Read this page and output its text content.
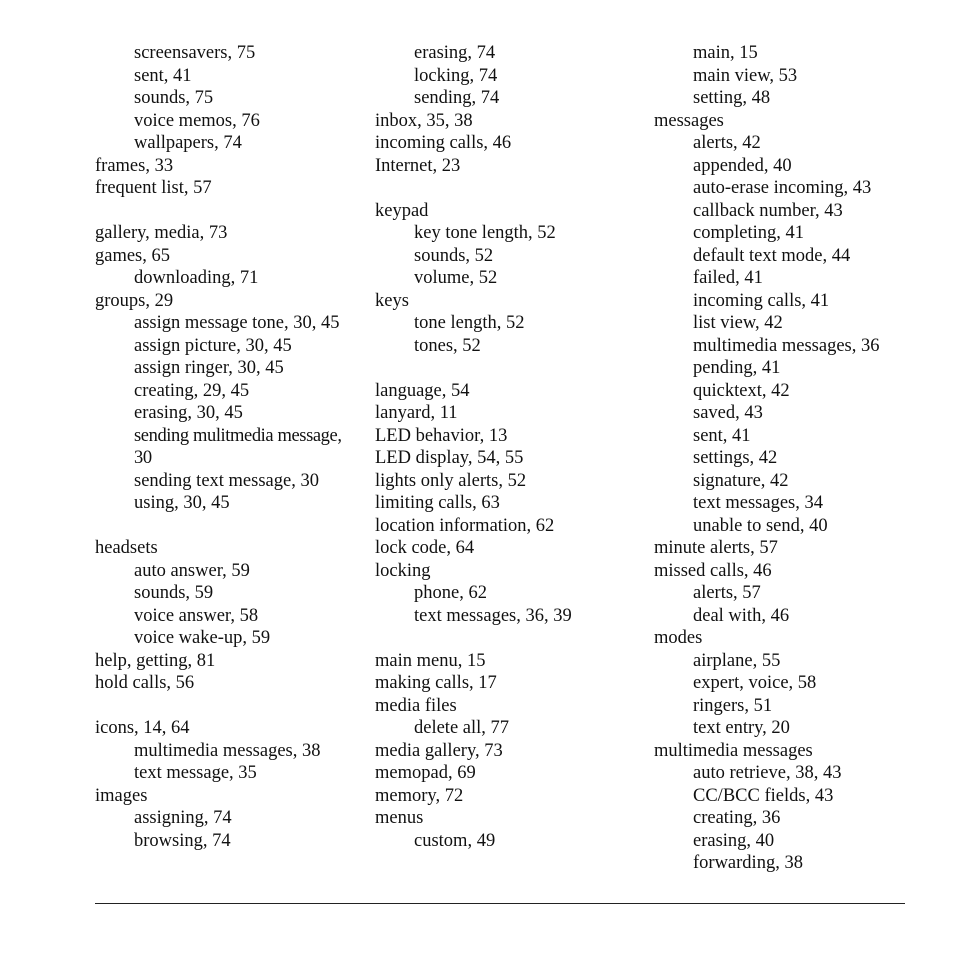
screensavers, 75
sent, 41
sounds, 75
voice memos, 76
wallpapers, 74
frames, 33
frequent list, 57
gallery, media, 73
games, 65
downloading, 71
groups, 29
assign message tone, 30, 45
assign picture, 30, 45
assign ringer, 30, 45
creating, 29, 45
erasing, 30, 45
sending mulitmedia message, 30
sending text message, 30
using, 30, 45
headsets
auto answer, 59
sounds, 59
voice answer, 58
voice wake-up, 59
help, getting, 81
hold calls, 56
icons, 14, 64
multimedia messages, 38
text message, 35
images
assigning, 74
browsing, 74
erasing, 74
locking, 74
sending, 74
inbox, 35, 38
incoming calls, 46
Internet, 23
keypad
key tone length, 52
sounds, 52
volume, 52
keys
tone length, 52
tones, 52
language, 54
lanyard, 11
LED behavior, 13
LED display, 54, 55
lights only alerts, 52
limiting calls, 63
location information, 62
lock code, 64
locking
phone, 62
text messages, 36, 39
main menu, 15
making calls, 17
media files
delete all, 77
media gallery, 73
memopad, 69
memory, 72
menus
custom, 49
main, 15
main view, 53
setting, 48
messages
alerts, 42
appended, 40
auto-erase incoming, 43
callback number, 43
completing, 41
default text mode, 44
failed, 41
incoming calls, 41
list view, 42
multimedia messages, 36
pending, 41
quicktext, 42
saved, 43
sent, 41
settings, 42
signature, 42
text messages, 34
unable to send, 40
minute alerts, 57
missed calls, 46
alerts, 57
deal with, 46
modes
airplane, 55
expert, voice, 58
ringers, 51
text entry, 20
multimedia messages
auto retrieve, 38, 43
CC/BCC fields, 43
creating, 36
erasing, 40
forwarding, 38
